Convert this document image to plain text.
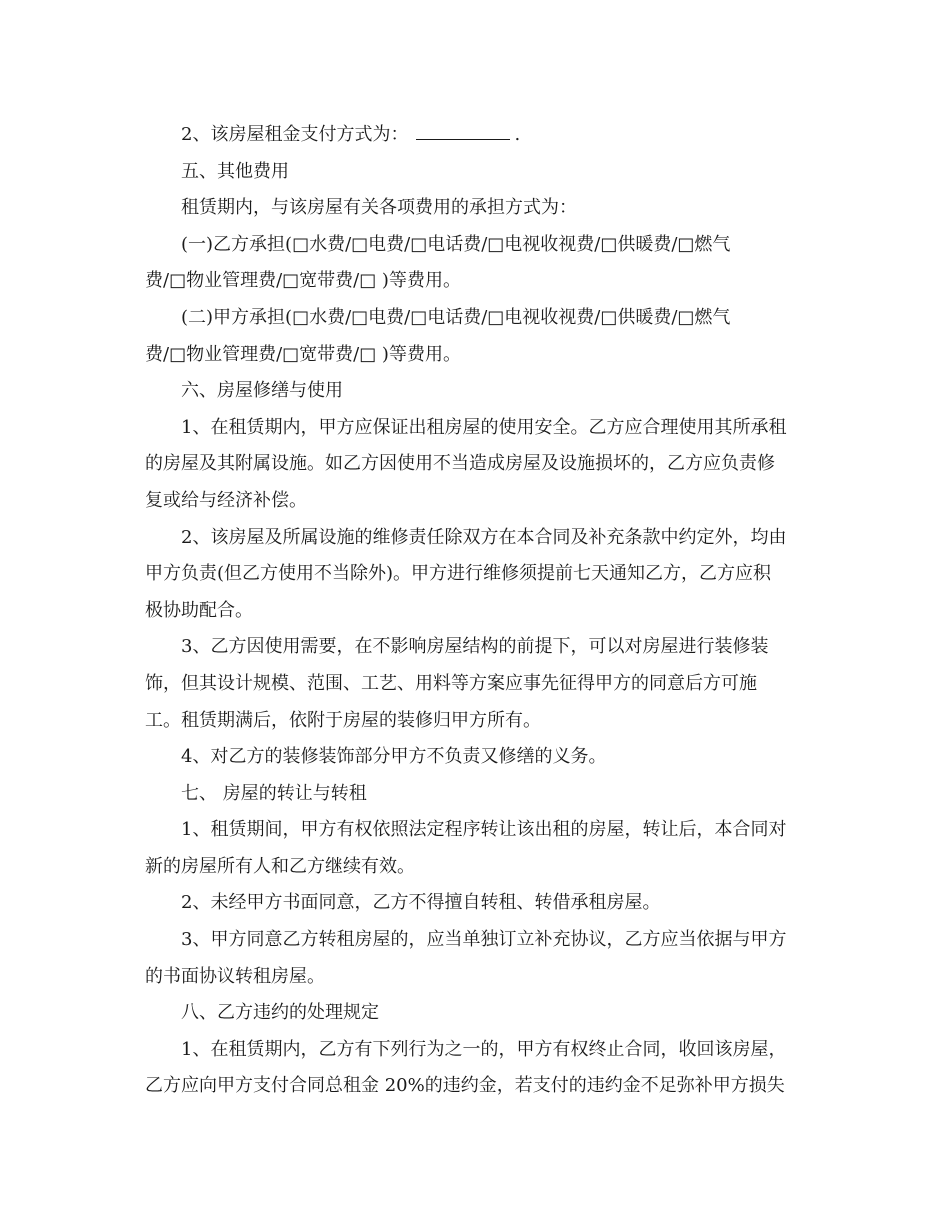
2、该房屋租金支付方式为：	.
五、其他费用
租赁期内，与该房屋有关各项费用的承担方式为：
(一)乙方承担(□水费/□电费/□电话费/□电视收视费/□供暖费/□燃气
费/□物业管理费/□宽带费/□ )等费用。
(二)甲方承担(□水费/□电费/□电话费/□电视收视费/□供暖费/□燃气
费/□物业管理费/□宽带费/□ )等费用。
六、房屋修缮与使用
1、在租赁期内，甲方应保证出租房屋的使用安全。乙方应合理使用其所承租
的房屋及其附属设施。如乙方因使用不当造成房屋及设施损坏的，乙方应负责修
复或给与经济补偿。
2、该房屋及所属设施的维修责任除双方在本合同及补充条款中约定外，均由
甲方负责(但乙方使用不当除外)。甲方进行维修须提前七天通知乙方，乙方应积
极协助配合。
3、乙方因使用需要，在不影响房屋结构的前提下，可以对房屋进行装修装
饰，但其设计规模、范围、工艺、用料等方案应事先征得甲方的同意后方可施
工。租赁期满后，依附于房屋的装修归甲方所有。
4、对乙方的装修装饰部分甲方不负责又修缮的义务。
七、 房屋的转让与转租
1、租赁期间，甲方有权依照法定程序转让该出租的房屋，转让后，本合同对
新的房屋所有人和乙方继续有效。
2、未经甲方书面同意，乙方不得擅自转租、转借承租房屋。
3、甲方同意乙方转租房屋的，应当单独订立补充协议，乙方应当依据与甲方
的书面协议转租房屋。
八、乙方违约的处理规定
1、在租赁期内，乙方有下列行为之一的，甲方有权终止合同，收回该房屋，
乙方应向甲方支付合同总租金 20%的违约金，若支付的违约金不足弥补甲方损失
